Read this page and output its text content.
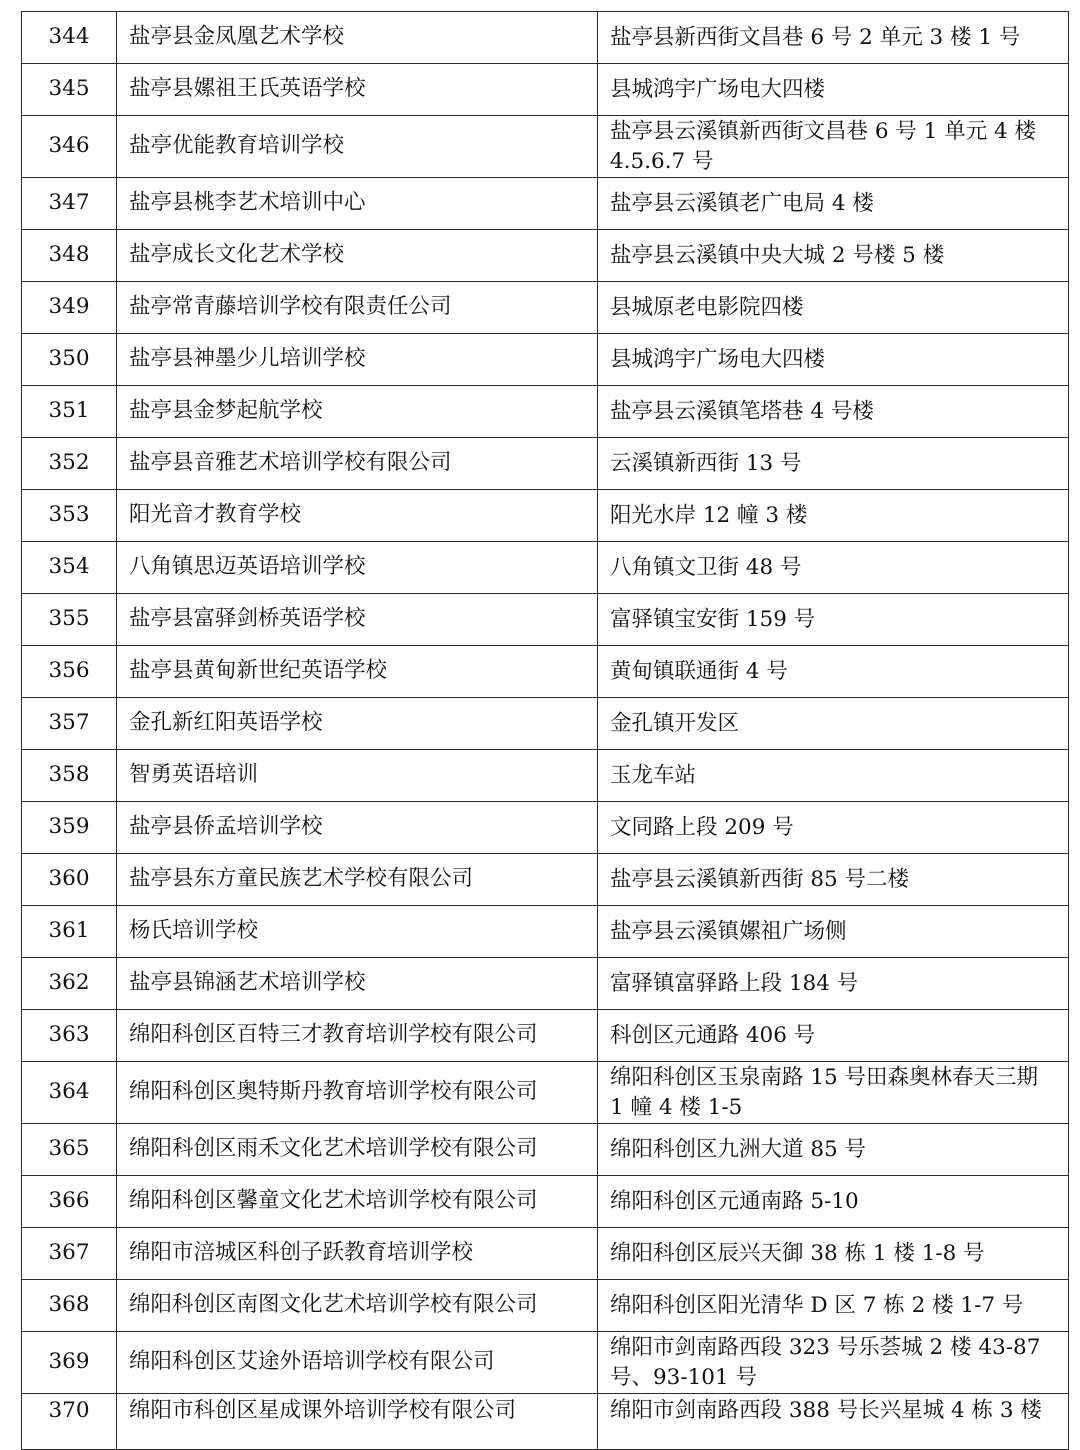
344	盐亭县金凤凰艺术学校	盐亭县新西街文昌巷 6 号 2 单元 3 楼 1 号
345	盐亭县嫘祖王氏英语学校	县城鸿宇广场电大四楼
346	盐亭优能教育培训学校	盐亭县云溪镇新西街文昌巷 6 号 1 单元 4 楼 4.5.6.7 号
347	盐亭县桃李艺术培训中心	盐亭县云溪镇老广电局 4 楼
348	盐亭成长文化艺术学校	盐亭县云溪镇中央大城 2 号楼 5 楼
349	盐亭常青藤培训学校有限责任公司	县城原老电影院四楼
350	盐亭县神墨少儿培训学校	县城鸿宇广场电大四楼
351	盐亭县金梦起航学校	盐亭县云溪镇笔塔巷 4 号楼
352	盐亭县音雅艺术培训学校有限公司	云溪镇新西街 13 号
353	阳光音才教育学校	阳光水岸 12 幢 3 楼
354	八角镇思迈英语培训学校	八角镇文卫街 48 号
355	盐亭县富驿剑桥英语学校	富驿镇宝安街 159 号
356	盐亭县黄甸新世纪英语学校	黄甸镇联通街 4 号
357	金孔新红阳英语学校	金孔镇开发区
358	智勇英语培训	玉龙车站
359	盐亭县侨孟培训学校	文同路上段 209 号
360	盐亭县东方童民族艺术学校有限公司	盐亭县云溪镇新西街 85 号二楼
361	杨氏培训学校	盐亭县云溪镇嫘祖广场侧
362	盐亭县锦涵艺术培训学校	富驿镇富驿路上段 184 号
363	绵阳科创区百特三才教育培训学校有限公司	科创区元通路 406 号
364	绵阳科创区奥特斯丹教育培训学校有限公司	绵阳科创区玉泉南路 15 号田森奥林春天三期 1 幢 4 楼 1-5
365	绵阳科创区雨禾文化艺术培训学校有限公司	绵阳科创区九洲大道 85 号
366	绵阳科创区馨童文化艺术培训学校有限公司	绵阳科创区元通南路 5-10
367	绵阳市涪城区科创子跃教育培训学校	绵阳科创区辰兴天御 38 栋 1 楼 1-8 号
368	绵阳科创区南图文化艺术培训学校有限公司	绵阳科创区阳光清华 D 区 7 栋 2 楼 1-7 号
369	绵阳科创区艾途外语培训学校有限公司	绵阳市剑南路西段 323 号乐荟城 2 楼 43-87 号、93-101 号
370	绵阳市科创区星成课外培训学校有限公司	绵阳市剑南路西段 388 号长兴星城 4 栋 3 楼
